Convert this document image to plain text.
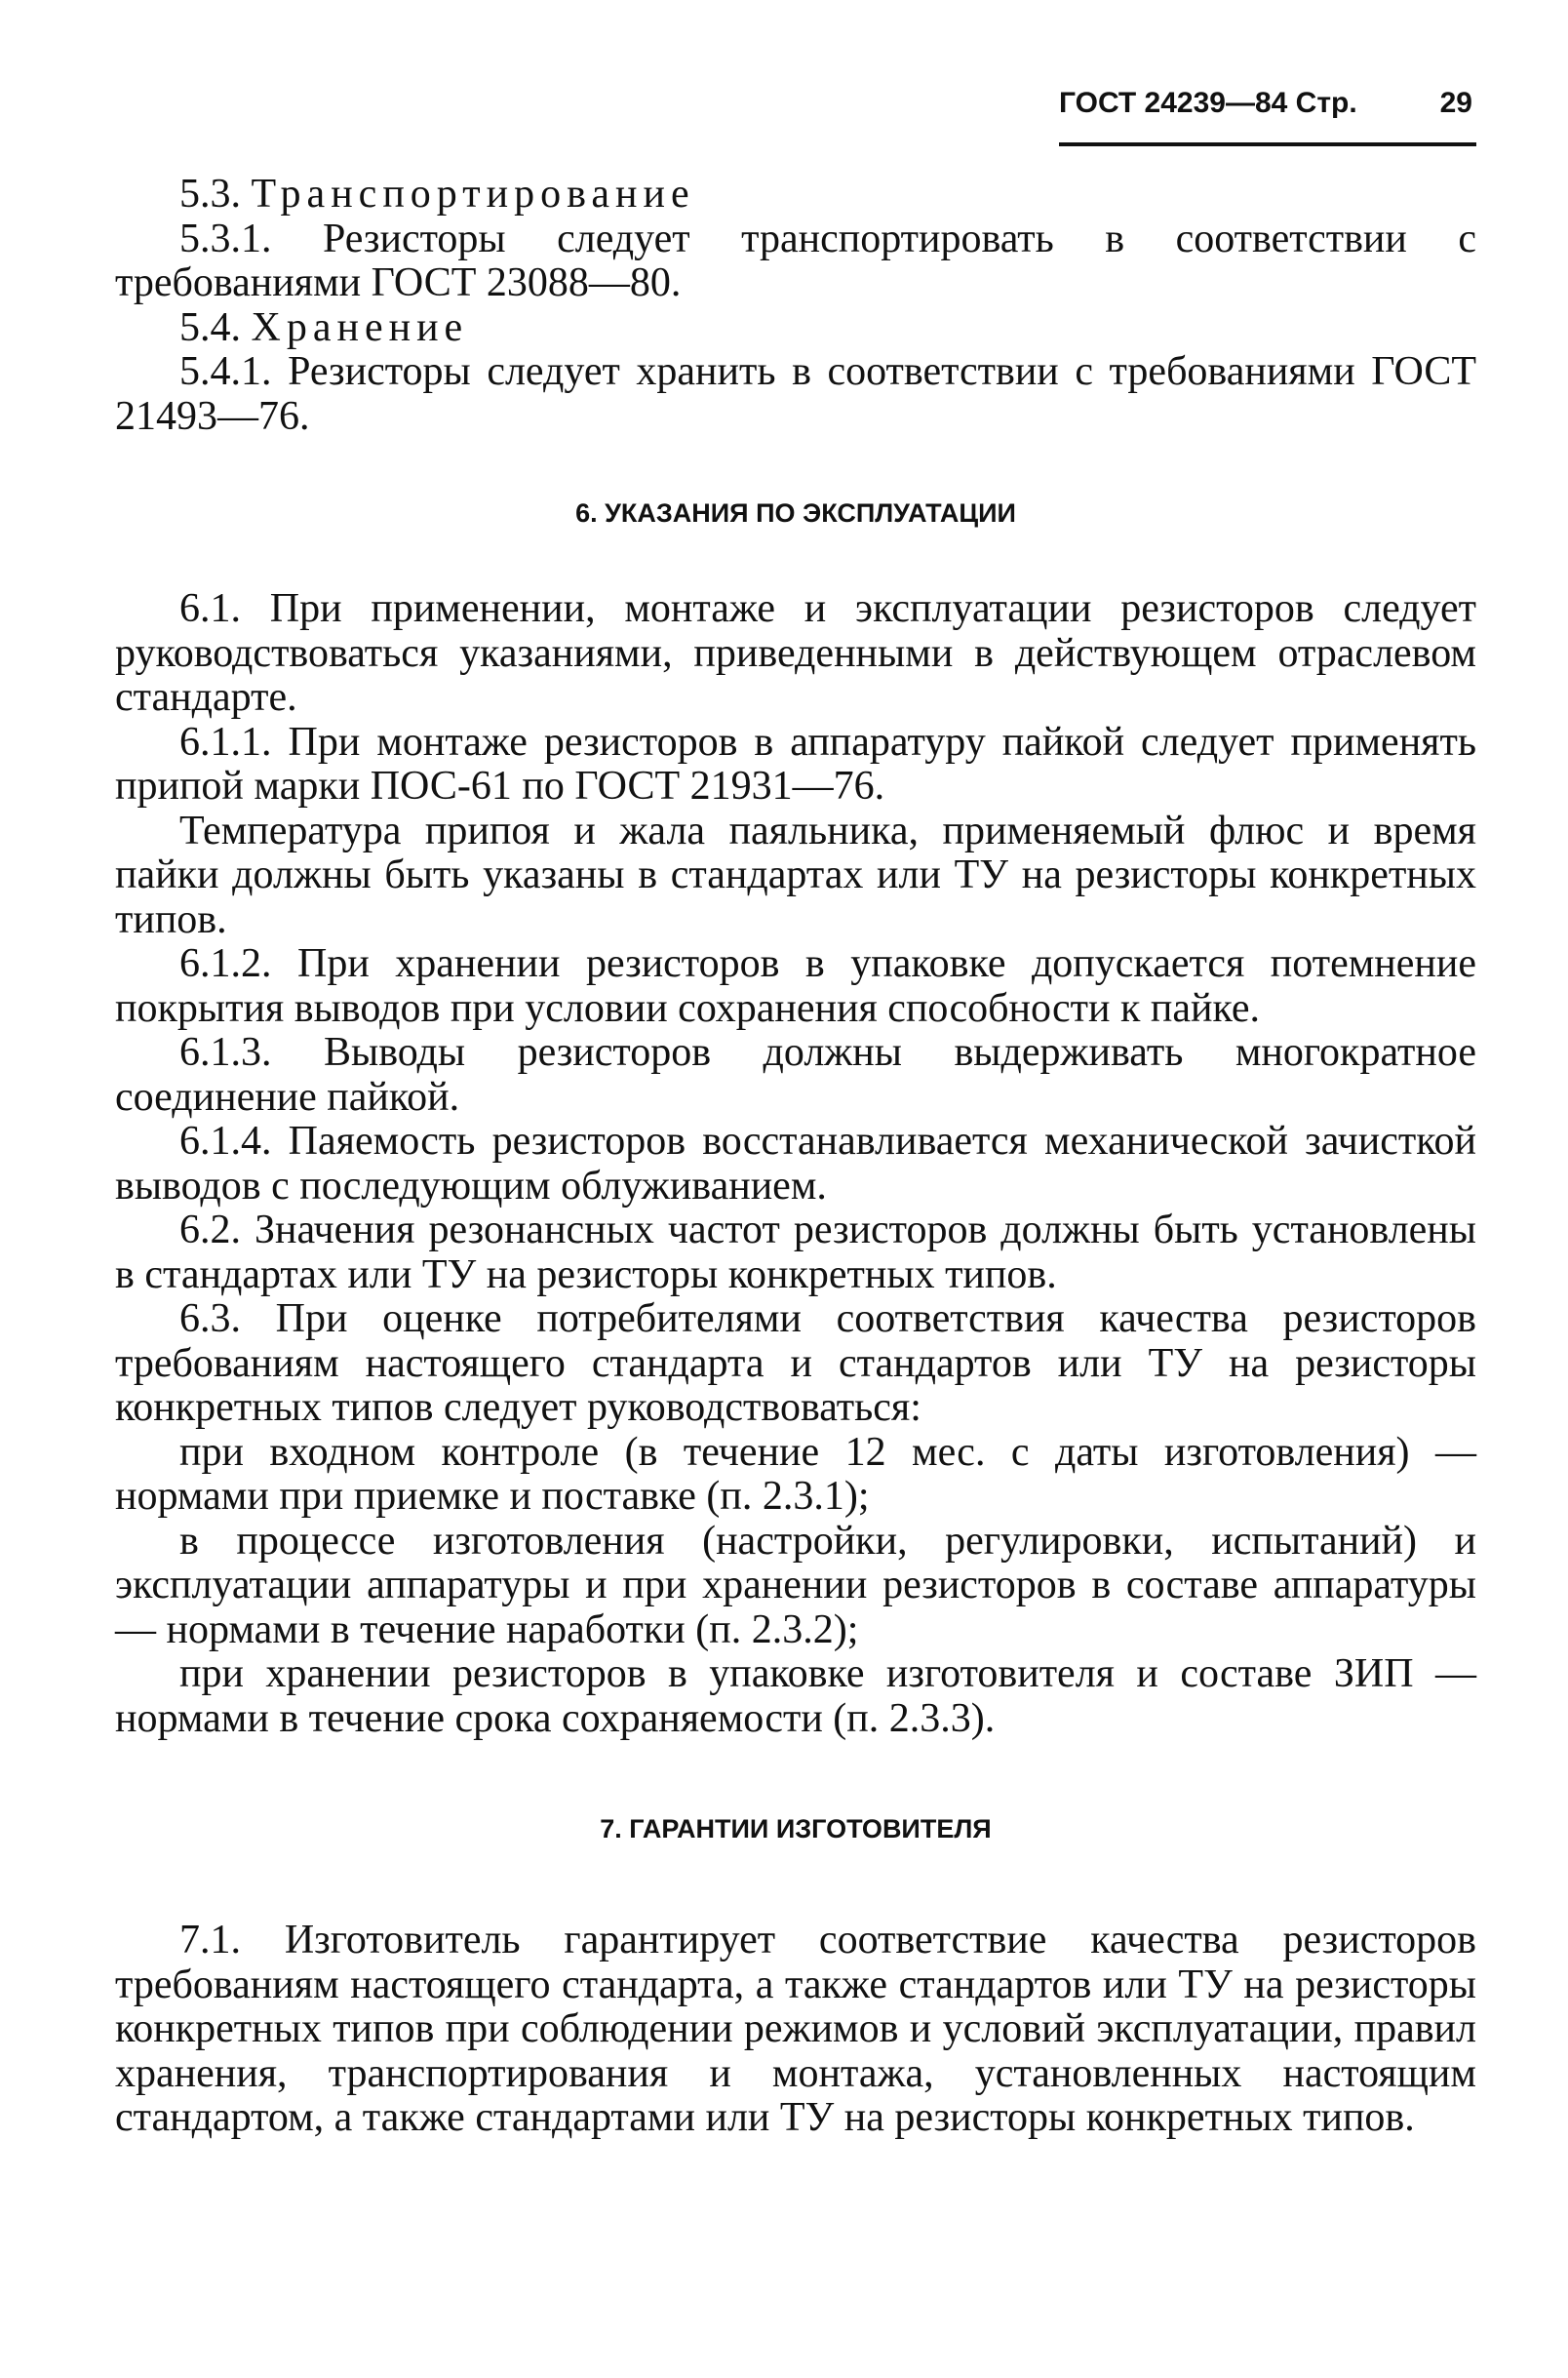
ГОСТ 24239—84 Стр.	29

5.3. Транспортирование

5.3.1. Резисторы следует транспортировать в соответствии с требованиями ГОСТ 23088—80.

5.4. Хранение

5.4.1. Резисторы следует хранить в соответствии с требованиями ГОСТ 21493—76.

6. УКАЗАНИЯ ПО ЭКСПЛУАТАЦИИ

6.1. При применении, монтаже и эксплуатации резисторов следует руководствоваться указаниями, приведенными в действующем отраслевом стандарте.

6.1.1. При монтаже резисторов в аппаратуру пайкой следует применять припой марки ПОС-61 по ГОСТ 21931—76.

Температура припоя и жала паяльника, применяемый флюс и время пайки должны быть указаны в стандартах или ТУ на резисторы конкретных типов.

6.1.2. При хранении резисторов в упаковке допускается потемнение покрытия выводов при условии сохранения способности к пайке.

6.1.3. Выводы резисторов должны выдерживать многократное соединение пайкой.

6.1.4. Паяемость резисторов восстанавливается механической зачисткой выводов с последующим облуживанием.

6.2. Значения резонансных частот резисторов должны быть установлены в стандартах или ТУ на резисторы конкретных типов.

6.3. При оценке потребителями соответствия качества резисторов требованиям настоящего стандарта и стандартов или ТУ на резисторы конкретных типов следует руководствоваться:

при входном контроле (в течение 12 мес. с даты изготовления) — нормами при приемке и поставке (п. 2.3.1);

в процессе изготовления (настройки, регулировки, испытаний) и эксплуатации аппаратуры и при хранении резисторов в составе аппаратуры — нормами в течение наработки (п. 2.3.2);

при хранении резисторов в упаковке изготовителя и составе ЗИП — нормами в течение срока сохраняемости (п. 2.3.3).

7. ГАРАНТИИ ИЗГОТОВИТЕЛЯ

7.1. Изготовитель гарантирует соответствие качества резисторов требованиям настоящего стандарта, а также стандартов или ТУ на резисторы конкретных типов при соблюдении режимов и условий эксплуатации, правил хранения, транспортирования и монтажа, установленных настоящим стандартом, а также стандартами или ТУ на резисторы конкретных типов.
